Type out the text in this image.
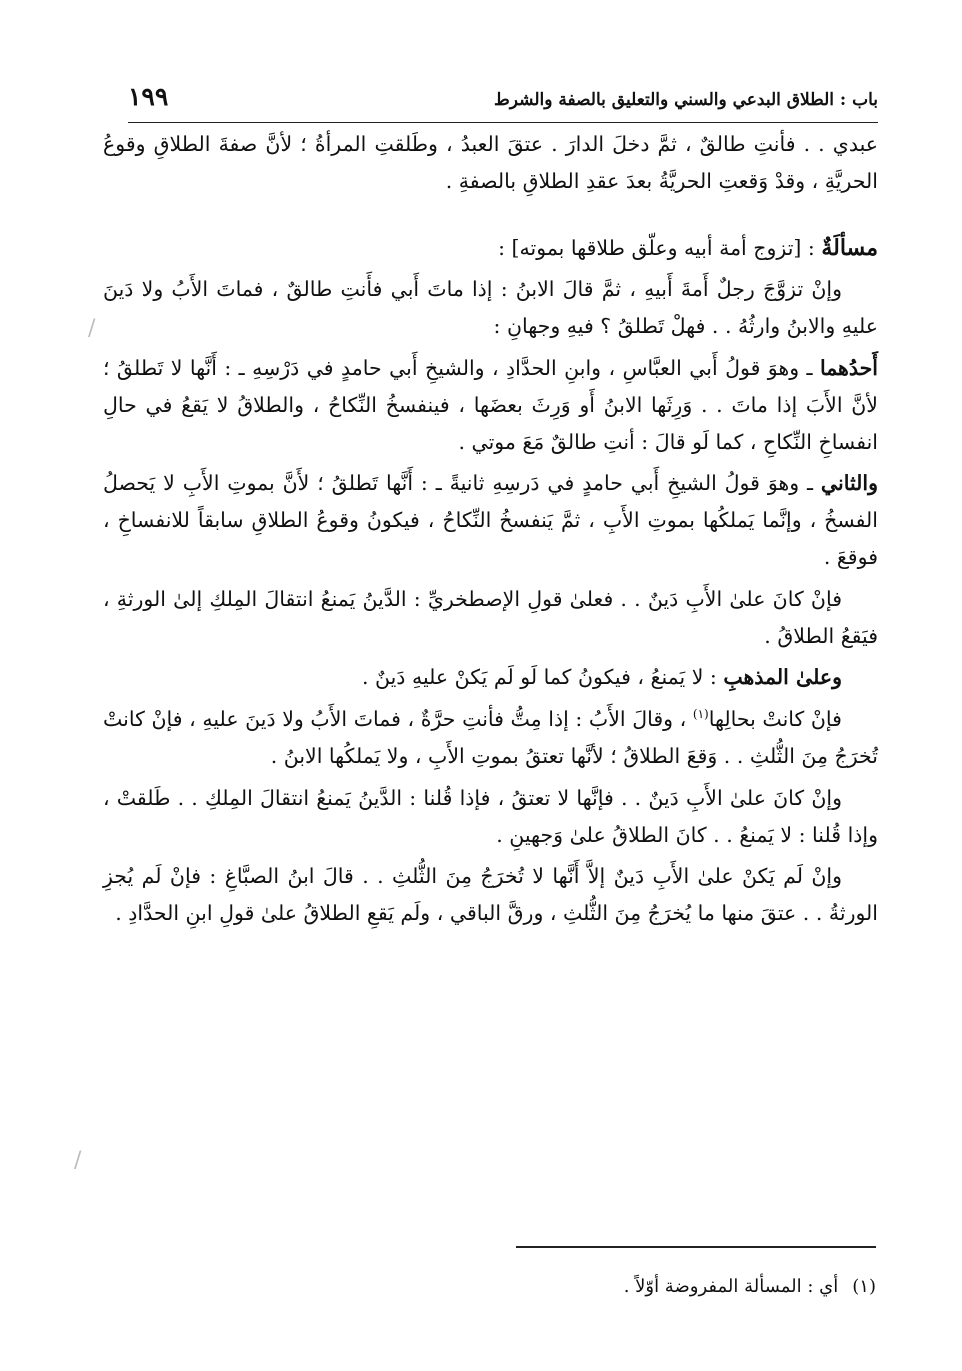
باب : الطلاق البدعي والسني والتعليق بالصفة والشرط
١٩٩

عبدي . . فأنتِ طالقٌ ، ثمَّ دخلَ الدارَ . عتقَ العبدُ ، وطَلقتِ المرأةُ ؛ لأنَّ صفةَ الطلاقِ وقوعُ الحريَّةِ ، وقدْ وَقعتِ الحريَّةُ بعدَ عقدِ الطلاقِ بالصفةِ .

مسألَةٌ : [تزوج أمة أبيه وعلّق طلاقها بموته] :

وإنْ تزوَّجَ رجلٌ أَمةَ أَبيهِ ، ثمَّ قالَ الابنُ : إذا ماتَ أَبي فأَنتِ طالقٌ ، فماتَ الأَبُ ولا دَينَ عليهِ والابنُ وارثُهُ . . فهلْ تَطلقُ ؟ فيهِ وجهانِ :

أَحدُهما ـ وهوَ قولُ أَبي العبَّاسِ ، وابنِ الحدَّادِ ، والشيخِ أَبي حامدٍ في دَرْسِهِ ـ : أَنَّها لا تَطلقُ ؛ لأنَّ الأَبَ إذا ماتَ . . وَرِثَها الابنُ أَو وَرِثَ بعضَها ، فينفسخُ النِّكاحُ ، والطلاقُ لا يَقعُ في حالِ انفساخِ النِّكاحِ ، كما لَو قالَ : أنتِ طالقٌ مَعَ موتي .

والثاني ـ وهوَ قولُ الشيخِ أَبي حامدٍ في دَرسِهِ ثانيةً ـ : أَنَّها تَطلقُ ؛ لأَنَّ بموتِ الأَبِ لا يَحصلُ الفسخُ ، وإنَّما يَملكُها بموتِ الأَبِ ، ثمَّ يَنفسخُ النِّكاحُ ، فيكونُ وقوعُ الطلاقِ سابقاً للانفساخِ ، فوقعَ .

فإنْ كانَ علىٰ الأَبِ دَينٌ . . فعلىٰ قولِ الإصطخريِّ : الدَّينُ يَمنعُ انتقالَ المِلكِ إلىٰ الورثةِ ، فيَقعُ الطلاقُ .

وعلىٰ المذهبِ : لا يَمنعُ ، فيكونُ كما لَو لَم يَكنْ عليهِ دَينٌ .

فإنْ كانتْ بحالِها$^{(١)}$ ، وقالَ الأَبُ : إذا مِتُّ فأنتِ حرَّةٌ ، فماتَ الأَبُ ولا دَينَ عليهِ ، فإنْ كانتْ تُخرَجُ مِنَ الثُّلثِ . . وَقعَ الطلاقُ ؛ لأنَّها تعتقُ بموتِ الأَبِ ، ولا يَملكُها الابنُ .

وإنْ كانَ علىٰ الأَبِ دَينٌ . . فإنَّها لا تعتقُ ، فإذا قُلنا : الدَّينُ يَمنعُ انتقالَ المِلكِ . . طَلقتْ ، وإذا قُلنا : لا يَمنعُ . . كانَ الطلاقُ علىٰ وَجهينِ .

وإنْ لَم يَكنْ علىٰ الأَبِ دَينٌ إلاَّ أَنَّها لا تُخرَجُ مِنَ الثُّلثِ . . قالَ ابنُ الصبَّاغِ : فإنْ لَم يُجزِ الورثةُ . . عتقَ منها ما يُخرَجُ مِنَ الثُّلثِ ، ورقَّ الباقي ، ولَم يَقعِ الطلاقُ علىٰ قولِ ابنِ الحدَّادِ .

(١)أي : المسألة المفروضة أوّلاً .
/
/
